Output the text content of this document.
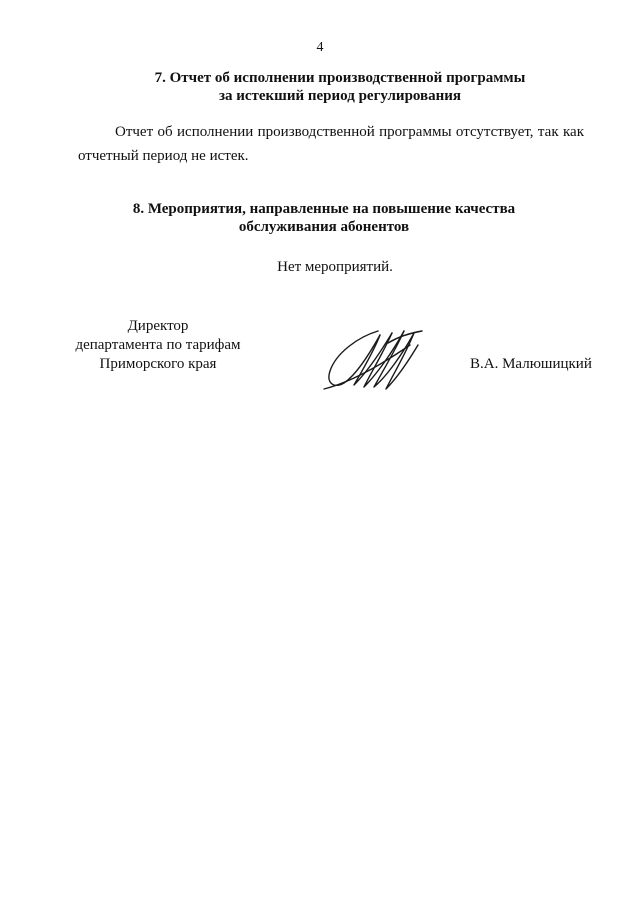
4
7. Отчет об исполнении производственной программы
за истекший период регулирования
Отчет об исполнении производственной программы отсутствует, так как отчетный период не истек.
8. Мероприятия, направленные на повышение качества
обслуживания абонентов
Нет мероприятий.
Директор
департамента по тарифам
Приморского края	В.А. Малюшицкий
